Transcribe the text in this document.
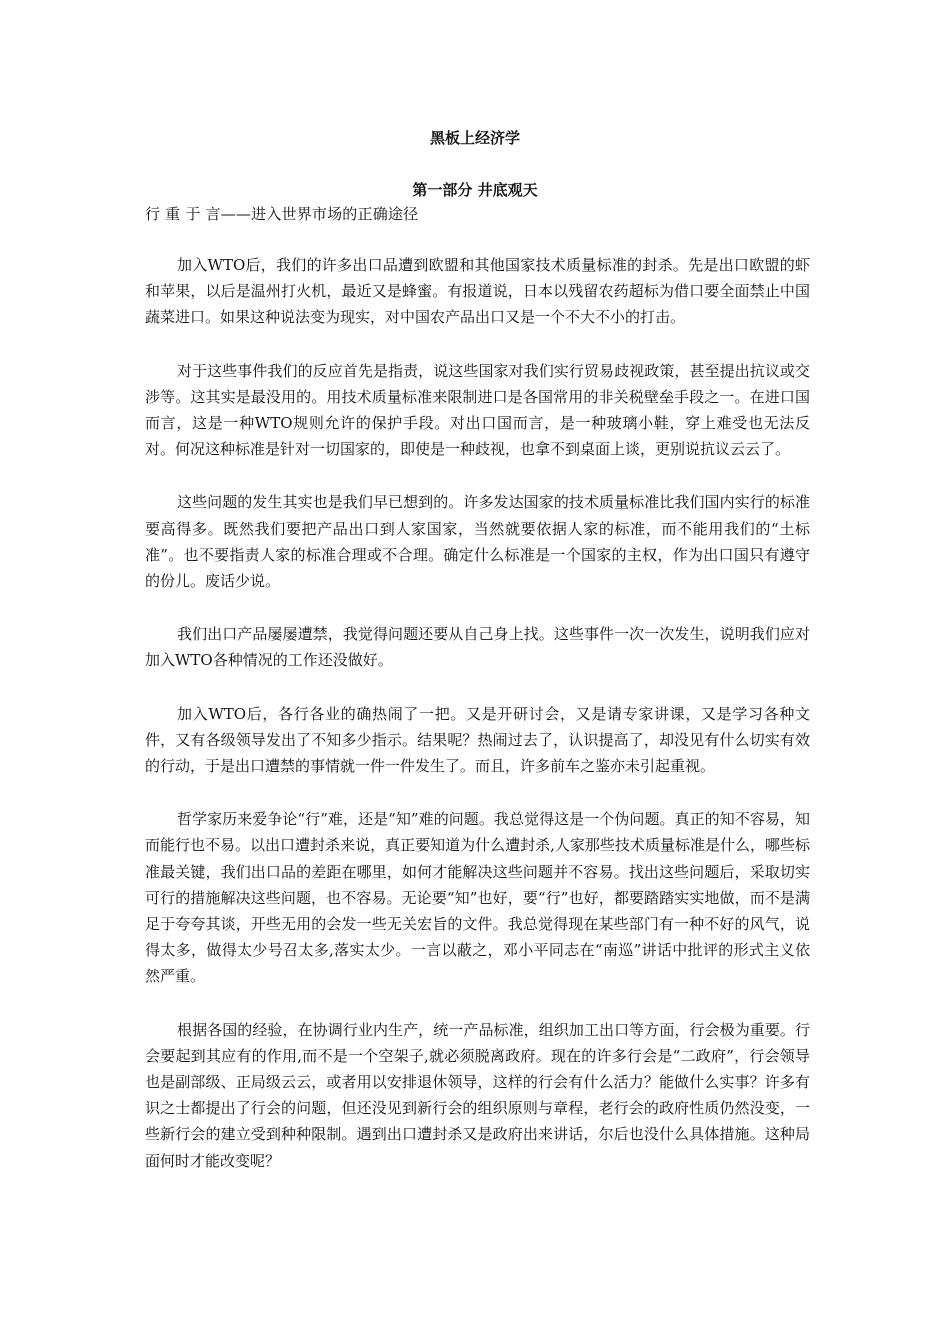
黑板上经济学
第一部分 井底观天
行 重 于 言——进入世界市场的正确途径

加入WTO后，我们的许多出口品遭到欧盟和其他国家技术质量标准的封杀。先是出口欧盟的虾和苹果，以后是温州打火机，最近又是蜂蜜。有报道说，日本以残留农药超标为借口要全面禁止中国蔬菜进口。如果这种说法变为现实，对中国农产品出口又是一个不大不小的打击。

对于这些事件我们的反应首先是指责，说这些国家对我们实行贸易歧视政策，甚至提出抗议或交涉等。这其实是最没用的。用技术质量标准来限制进口是各国常用的非关税壁垒手段之一。在进口国而言，这是一种WTO规则允许的保护手段。对出口国而言，是一种玻璃小鞋，穿上难受也无法反对。何况这种标准是针对一切国家的，即使是一种歧视，也拿不到桌面上谈，更别说抗议云云了。

这些问题的发生其实也是我们早已想到的。许多发达国家的技术质量标准比我们国内实行的标准要高得多。既然我们要把产品出口到人家国家，当然就要依据人家的标准，而不能用我们的“土标准”。也不要指责人家的标准合理或不合理。确定什么标准是一个国家的主权，作为出口国只有遵守的份儿。废话少说。

我们出口产品屡屡遭禁，我觉得问题还要从自己身上找。这些事件一次一次发生，说明我们应对加入WTO各种情况的工作还没做好。

加入WTO后，各行各业的确热闹了一把。又是开研讨会，又是请专家讲课，又是学习各种文件，又有各级领导发出了不知多少指示。结果呢？热闹过去了，认识提高了，却没见有什么切实有效的行动，于是出口遭禁的事情就一件一件发生了。而且，许多前车之鉴亦未引起重视。

哲学家历来爱争论“行”难，还是“知”难的问题。我总觉得这是一个伪问题。真正的知不容易，知而能行也不易。以出口遭封杀来说，真正要知道为什么遭封杀,人家那些技术质量标准是什么，哪些标准最关键，我们出口品的差距在哪里，如何才能解决这些问题并不容易。找出这些问题后，采取切实可行的措施解决这些问题，也不容易。无论要“知”也好，要“行”也好，都要踏踏实实地做，而不是满足于夸夸其谈，开些无用的会发一些无关宏旨的文件。我总觉得现在某些部门有一种不好的风气，说得太多，做得太少号召太多,落实太少。一言以蔽之，邓小平同志在“南巡”讲话中批评的形式主义依然严重。

根据各国的经验，在协调行业内生产，统一产品标准，组织加工出口等方面，行会极为重要。行会要起到其应有的作用,而不是一个空架子,就必须脱离政府。现在的许多行会是“二政府”，行会领导也是副部级、正局级云云，或者用以安排退休领导，这样的行会有什么活力？能做什么实事？许多有识之士都提出了行会的问题，但还没见到新行会的组织原则与章程，老行会的政府性质仍然没变，一些新行会的建立受到种种限制。遇到出口遭封杀又是政府出来讲话，尔后也没什么具体措施。这种局面何时才能改变呢？
